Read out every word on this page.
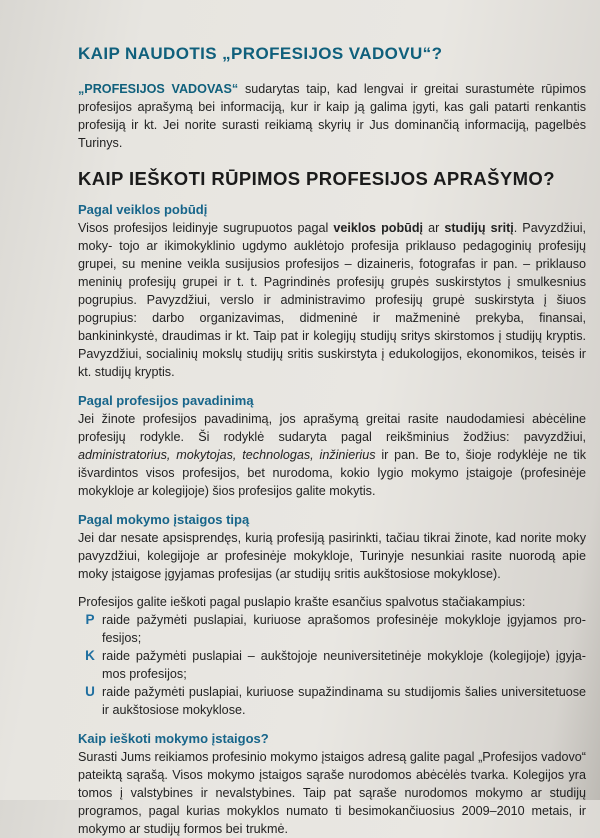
KAIP NAUDOTIS „PROFESIJOS VADOVU“?
„PROFESIJOS VADOVAS“ sudarytas taip, kad lengvai ir greitai surastumėte rūpimos profesijos aprašymą bei informaciją, kur ir kaip ją galima įgyti, kas gali patarti renkantis profesiją ir kt. Jei norite surasti reikiamą skyrių ir Jus dominančią informaciją, pagelbės Turinys.
KAIP IEŠKOTI RŪPIMOS PROFESIJOS APRAŠYMO?
Pagal veiklos pobūdį
Visos profesijos leidinyje sugrupuotos pagal veiklos pobūdį ar studijų sritį. Pavyzdžiui, moky- tojo ar ikimokyklinio ugdymo auklėtojo profesija priklauso pedagoginių profesijų grupei, su menine veikla susijusios profesijos – dizaineris, fotografas ir pan. – priklauso meninių profesijų grupei ir t. t. Pagrindinės profesijų grupės suskirstytos į smulkesnius pogrupius. Pavyzdžiui, verslo ir administravimo profesijų grupė suskirstyta į šiuos pogrupius: darbo organizavimas, didmeninė ir mažmeninė prekyba, finansai, bankininkystė, draudimas ir kt. Taip pat ir kolegijų studijų sritys skirstomos į studijų kryptis. Pavyzdžiui, socialinių mokslų studijų sritis suskirstyta į edukologijos, ekonomikos, teisės ir kt. studijų kryptis.
Pagal profesijos pavadinimą
Jei žinote profesijos pavadinimą, jos aprašymą greitai rasite naudodamiesi abėcėline profesijų rodykle. Ši rodyklė sudaryta pagal reikšminius žodžius: pavyzdžiui, administratorius, mokytojas, technologas, inžinierius ir pan. Be to, šioje rodyklėje ne tik išvardintos visos profesijos, bet nurodoma, kokio lygio mokymo įstaigoje (profesinėje mokykloje ar kolegijoje) šios profesijos galite mokytis.
Pagal mokymo įstaigos tipą
Jei dar nesate apsisprendęs, kurią profesiją pasirinkti, tačiau tikrai žinote, kad norite moky pavyzdžiui, kolegijoje ar profesinėje mokykloje, Turinyje nesunkiai rasite nuorodą apie moky įstaigose įgyjamas profesijas (ar studijų sritis aukštosiose mokyklose).
Profesijos galite ieškoti pagal puslapio krašte esančius spalvotus stačiakampius:
P raide pažymėti puslapiai, kuriuose aprašomos profesinėje mokykloje įgyjamos pro- fesijos;
K raide pažymėti puslapiai – aukštojoje neuniversitetinėje mokykloje (kolegijoje) įgyja- mos profesijos;
U raide pažymėti puslapiai, kuriuose supažindinama su studijomis šalies universitetuose ir aukštosiose mokyklose.
Kaip ieškoti mokymo įstaigos?
Surasti Jums reikiamos profesinio mokymo įstaigos adresą galite pagal „Profesijos vadovo“ pateiktą sąrašą. Visos mokymo įstaigos sąraše nurodomos abėcėlės tvarka. Kolegijos yra tomos į valstybines ir nevalstybines. Taip pat sąraše nurodomos mokymo ar studijų programos, pagal kurias mokyklos numato ti besimokančiuosius 2009–2010 metais, ir mokymo ar studijų formos bei trukmė.
